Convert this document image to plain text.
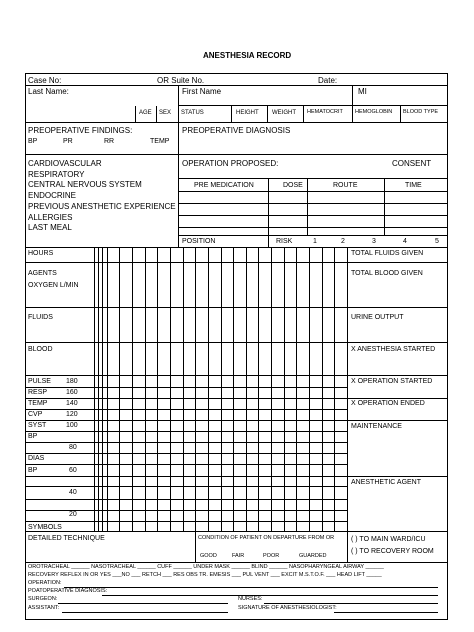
ANESTHESIA RECORD
Case No:	OR Suite No.	Date:
Last Name:	First Name	MI
AGE SEX STATUS	HEIGHT WEIGHT HEMATOCRIT HEMOGLOBIN BLOOD TYPE
PREOPERATIVE FINDINGS:
BP	PR	RR	TEMP
PREOPERATIVE DIAGNOSIS
CARDIOVASCULAR
RESPIRATORY
CENTRAL NERVOUS SYSTEM
ENDOCRINE
PREVIOUS ANESTHETIC EXPERIENCE
ALLERGIES
LAST MEAL
OPERATION PROPOSED:	CONSENT
PRE MEDICATION	DOSE	ROUTE	TIME
POSITION	RISK	1	2	3	4	5
HOURS
AGENTS
OXYGEN L/MIN
FLUIDS
BLOOD
PULSE 180
RESP	160
TEMP	140
CVP	120
SYST	100
BP
80
DIAS
BP	60
40
20
SYMBOLS
TOTAL FLUIDS GIVEN
TOTAL BLOOD GIVEN
URINE OUTPUT
X ANESTHESIA STARTED
X OPERATION STARTED
X OPERATION ENDED
MAINTENANCE
ANESTHETIC AGENT
DETAILED TECHNIQUE	CONDITION OF PATIENT ON DEPARTURE FROM OR
GOOD	FAIR	POOR	GUARDED
( ) TO MAIN WARD/ICU
( ) TO RECOVERY ROOM
OROTRACHEAL ______ NASOTRACHEAL ______ CUFF ______ UNDER MASK ______ BLIND ______ NASOPHARYNGEAL AIRWAY ______
RECOVERY REFLEX IN OR YES ___NO ___ RETCH ___ RES OBS TR. EMESIS ___ PUL VENT ___ EXCIT M.S.T.O.F. ___ HEAD LIFT _____
OPERATION:
POATOPERATIVE DIAGNOSIS:
SURGEON:	NURSES:
ASSISTANT:	SIGNATURE OF ANESTHESIOLOGIST:
